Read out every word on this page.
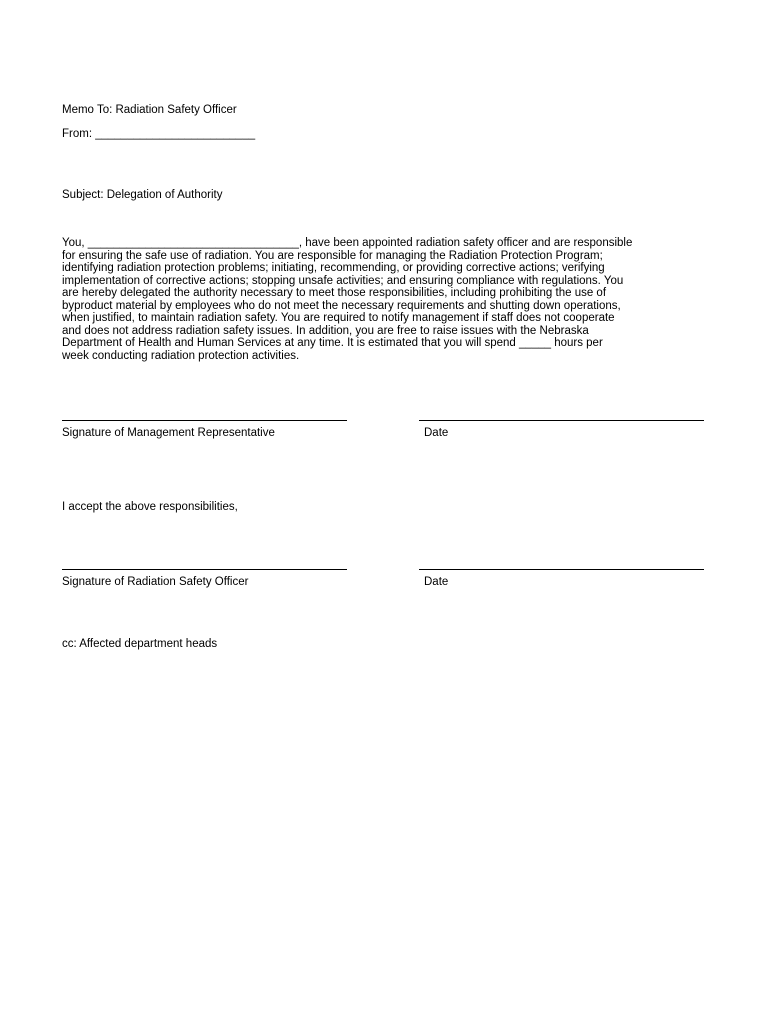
Memo To: Radiation Safety Officer
From: _________________________
Subject: Delegation of Authority
You, _________________________________, have been appointed radiation safety officer and are responsible
for ensuring the safe use of radiation. You are responsible for managing the Radiation Protection Program;
identifying radiation protection problems; initiating, recommending, or providing corrective actions; verifying
implementation of corrective actions; stopping unsafe activities; and ensuring compliance with regulations. You
are hereby delegated the authority necessary to meet those responsibilities, including prohibiting the use of
byproduct material by employees who do not meet the necessary requirements and shutting down operations,
when justified, to maintain radiation safety. You are required to notify management if staff does not cooperate
and does not address radiation safety issues. In addition, you are free to raise issues with the Nebraska
Department of Health and Human Services at any time. It is estimated that you will spend _____ hours per
week conducting radiation protection activities.
Signature of Management Representative	Date
I accept the above responsibilities,
Signature of Radiation Safety Officer	Date
cc: Affected department heads
